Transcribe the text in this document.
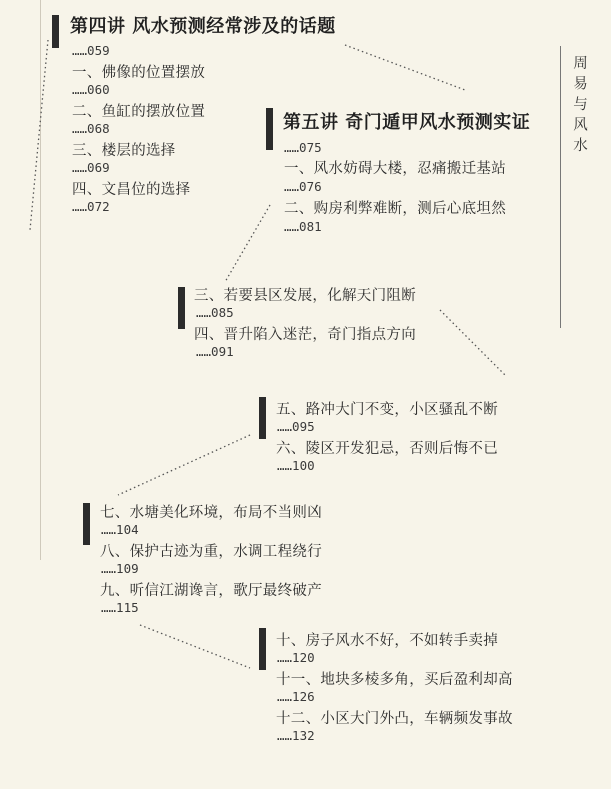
周易与风水
第四讲 风水预测经常涉及的话题
……059
一、佛像的位置摆放
……060
二、鱼缸的摆放位置
……068
三、楼层的选择
……069
四、文昌位的选择
……072
第五讲 奇门遁甲风水预测实证
……075
一、风水妨碍大楼，忍痛搬迁基站
……076
二、购房利弊难断，测后心底坦然
……081
三、若要县区发展，化解天门阻断
……085
四、晋升陷入迷茫，奇门指点方向
……091
五、路冲大门不变，小区骚乱不断
……095
六、陵区开发犯忌，否则后悔不已
……100
七、水塘美化环境，布局不当则凶
……104
八、保护古迹为重，水调工程绕行
……109
九、听信江湖谗言，歌厅最终破产
……115
十、房子风水不好，不如转手卖掉
……120
十一、地块多棱多角，买后盈利却高
……126
十二、小区大门外凸，车辆频发事故
……132
